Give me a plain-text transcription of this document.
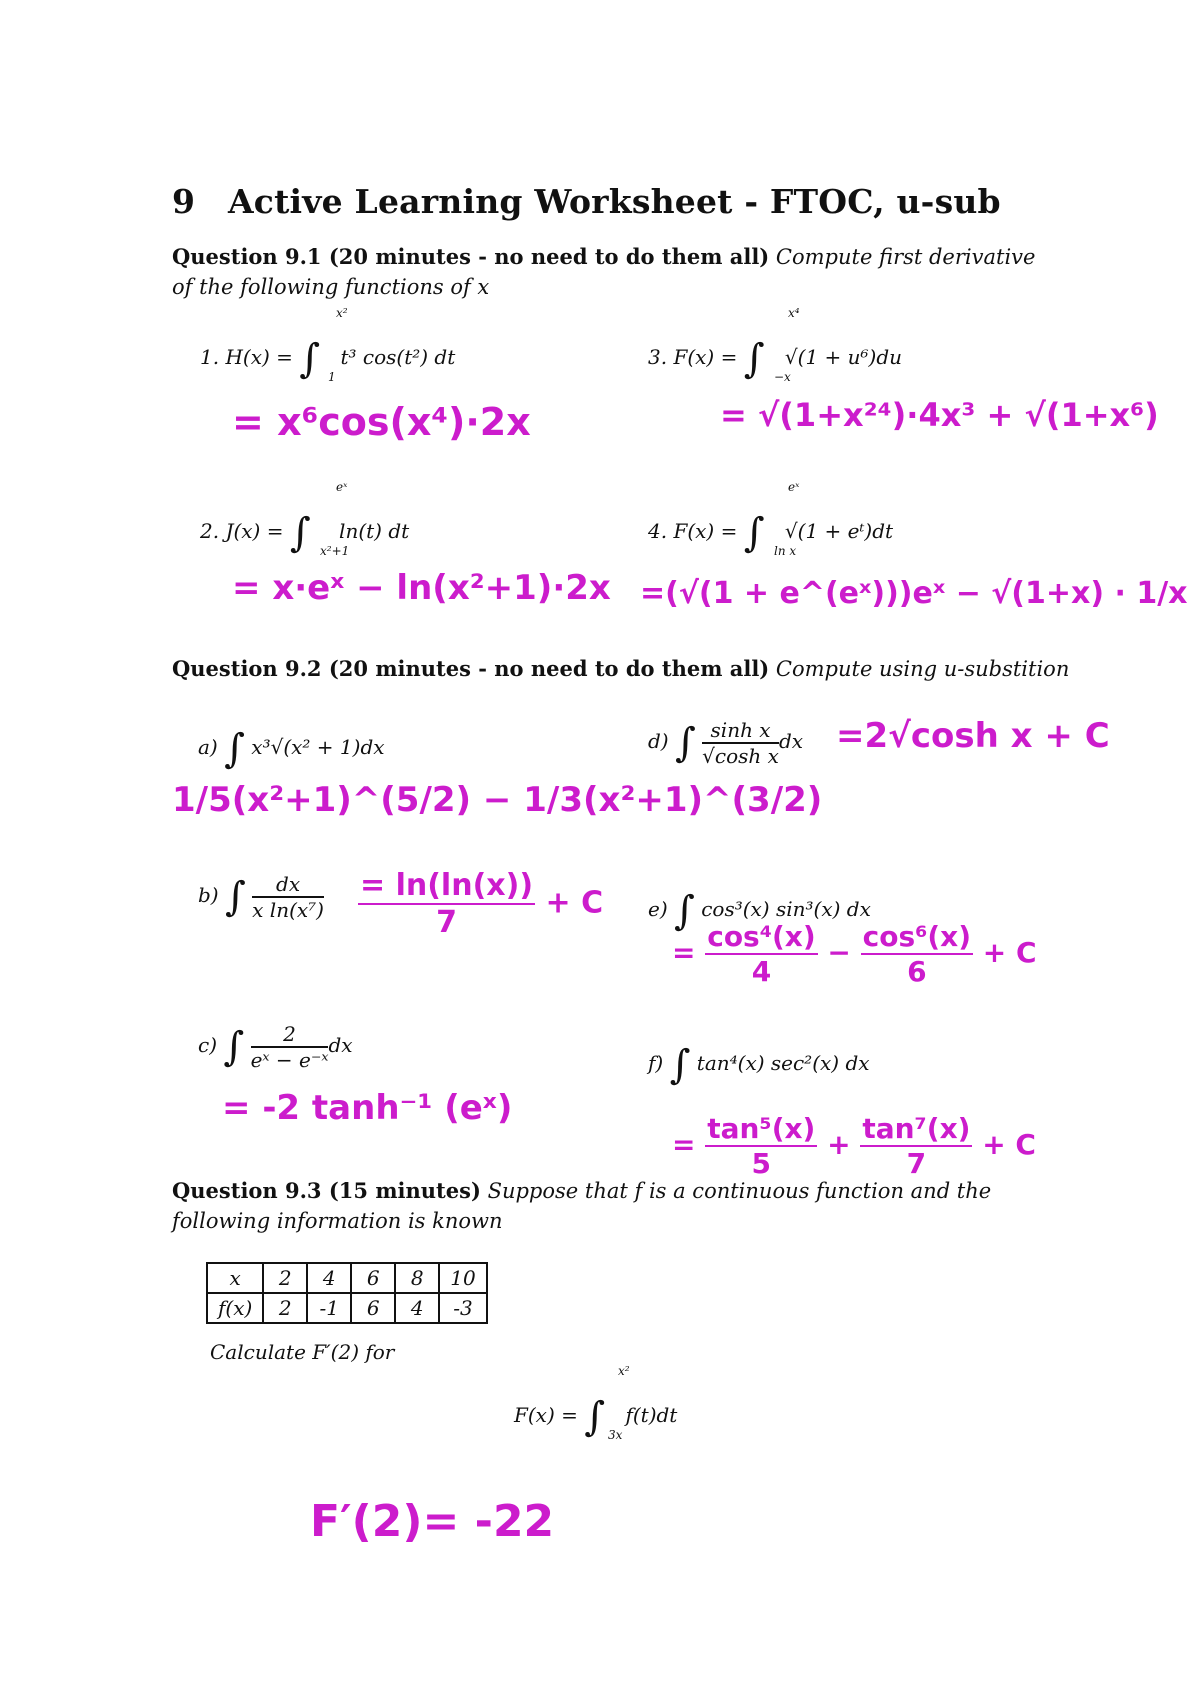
9 Active Learning Worksheet - FTOC, u-sub
Question 9.1 (20 minutes - no need to do them all) Compute first derivative of the following functions of x
1. H(x) = ∫
x²
1
t³ cos(t²) dt
= x⁶cos(x⁴)·2x
3. F(x) = ∫
x⁴
−x
√(1 + u⁶)du
= √(1+x²⁴)·4x³ + √(1+x⁶)
2. J(x) = ∫
eˣ
x²+1
ln(t) dt
= x·eˣ − ln(x²+1)·2x
4. F(x) = ∫
eˣ
ln x
√(1 + eᵗ)dt
=(√(1 + e^(eˣ)))eˣ − √(1+x) · 1/x
Question 9.2 (20 minutes - no need to do them all) Compute using u-substition
a) ∫ x³√(x² + 1)dx
1/5(x²+1)^(5/2) − 1/3(x²+1)^(3/2)
d) ∫ $\frac{\text{sinh x}}{\text{√cosh x}}$ dx =2√cosh x + C
b) ∫ $\frac{dx}{\text{x ln(x⁷)}} \frac{= \ln(\ln(x))}{7} + C$ e) ∫ cos³(x) sin³(x) dx
= $\frac{\text{cos⁴(x)}}{4} - \frac{\text{cos⁶(x)}}{6} + C$
c) ∫ $\frac{2}{\text{eˣ − e⁻ˣ}}$ dx
= -2 tanh⁻¹ (eˣ)
f) ∫ tan⁴(x) sec²(x) dx
= $\frac{\text{tan⁵(x)}}{5} + \frac{\text{tan⁷(x)}}{7} + C$
Question 9.3 (15 minutes) Suppose that f is a continuous function and the following information is known
x	2	4	6	8	10
f(x)	2	-1	6	4	-3
Calculate F′(2) for
F(x) = ∫
x²
3x
f(t)dt
F′(2)= -22
